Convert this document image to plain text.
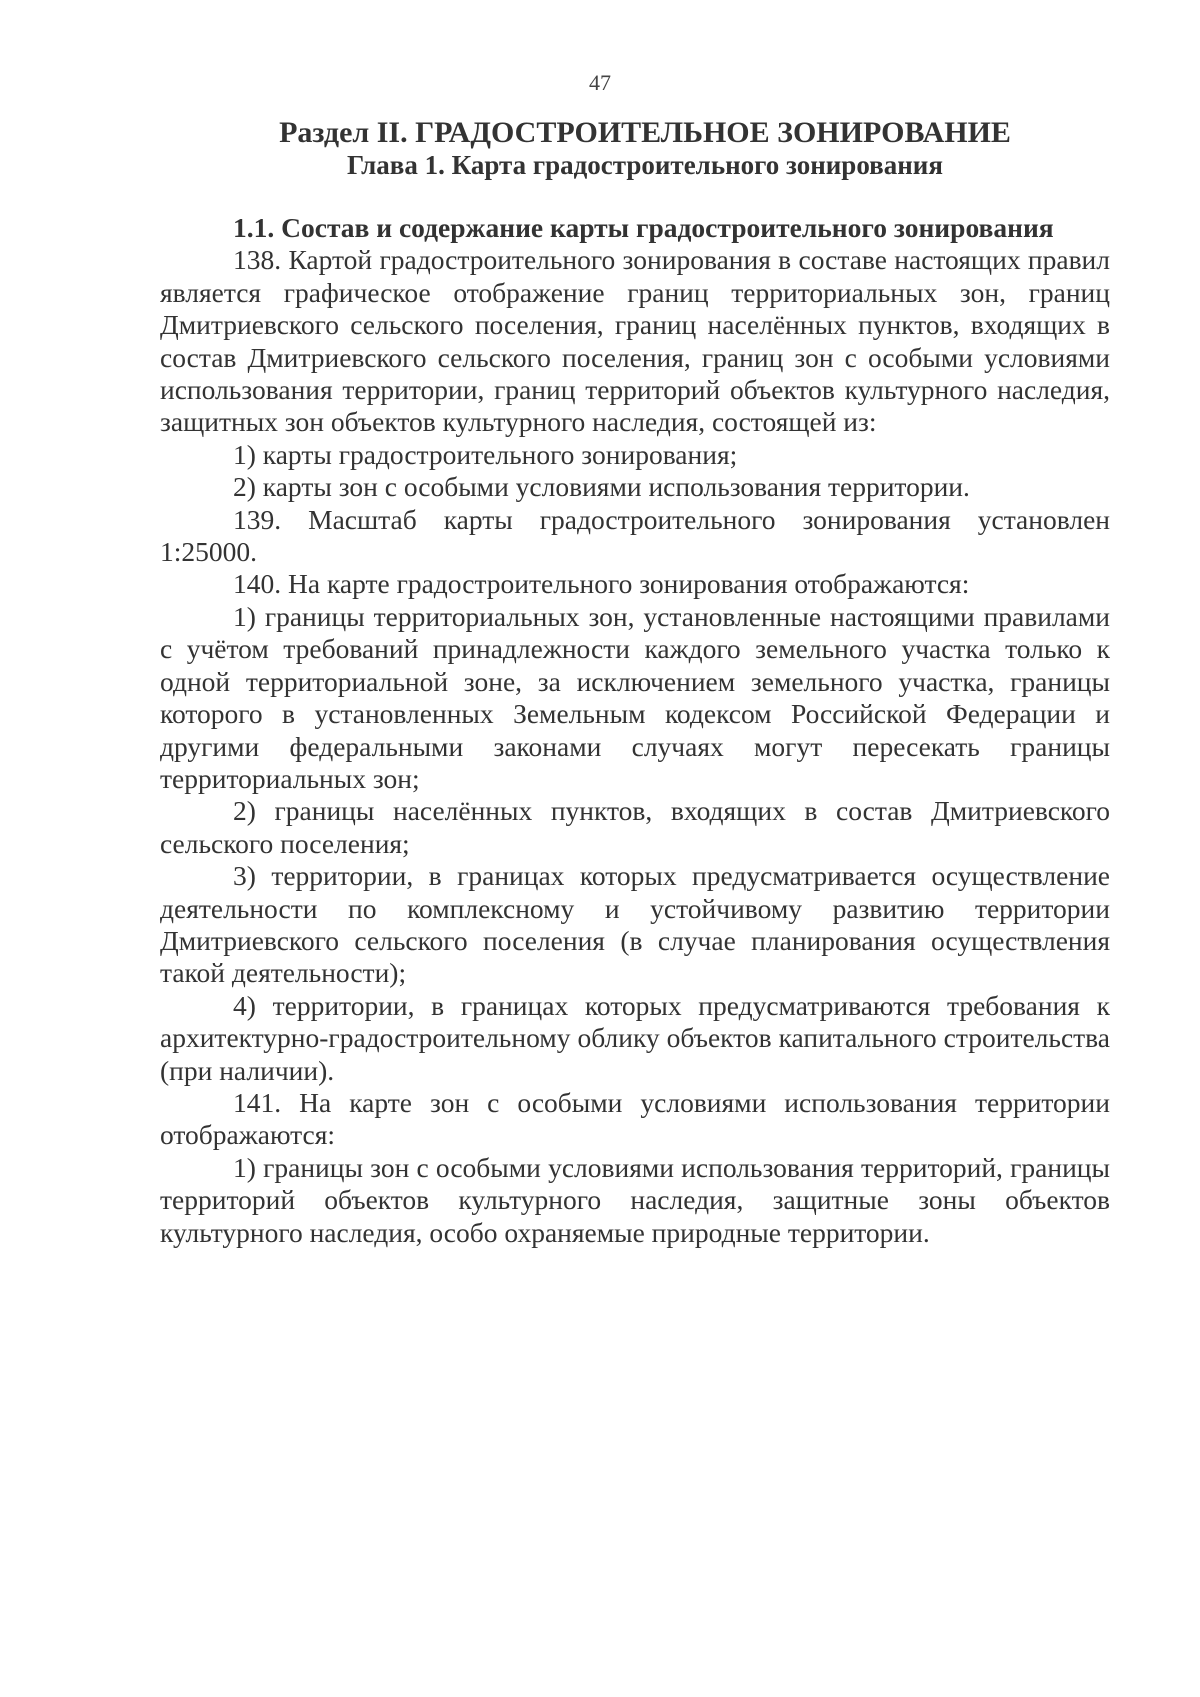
47
Раздел II. ГРАДОСТРОИТЕЛЬНОЕ ЗОНИРОВАНИЕ
Глава 1. Карта градостроительного зонирования

1.1. Состав и содержание карты градостроительного зонирования

138. Картой градостроительного зонирования в составе настоящих правил является графическое отображение границ территориальных зон, границ Дмитриевского сельского поселения, границ населённых пунктов, входящих в состав Дмитриевского сельского поселения, границ зон с особыми условиями использования территории, границ территорий объектов культурного наследия, защитных зон объектов культурного наследия, состоящей из:

1) карты градостроительного зонирования;

2) карты зон с особыми условиями использования территории.

139. Масштаб карты градостроительного зонирования установлен 1:25000.

140. На карте градостроительного зонирования отображаются:

1) границы территориальных зон, установленные настоящими правилами с учётом требований принадлежности каждого земельного участка только к одной территориальной зоне, за исключением земельного участка, границы которого в установленных Земельным кодексом Российской Федерации и другими федеральными законами случаях могут пересекать границы территориальных зон;

2) границы населённых пунктов, входящих в состав Дмитриевского сельского поселения;

3) территории, в границах которых предусматривается осуществление деятельности по комплексному и устойчивому развитию территории Дмитриевского сельского поселения (в случае планирования осуществления такой деятельности);

4) территории, в границах которых предусматриваются требования к архитектурно-градостроительному облику объектов капитального строительства (при наличии).

141. На карте зон с особыми условиями использования территории отображаются:

1) границы зон с особыми условиями использования территорий, границы территорий объектов культурного наследия, защитные зоны объектов культурного наследия, особо охраняемые природные территории.
